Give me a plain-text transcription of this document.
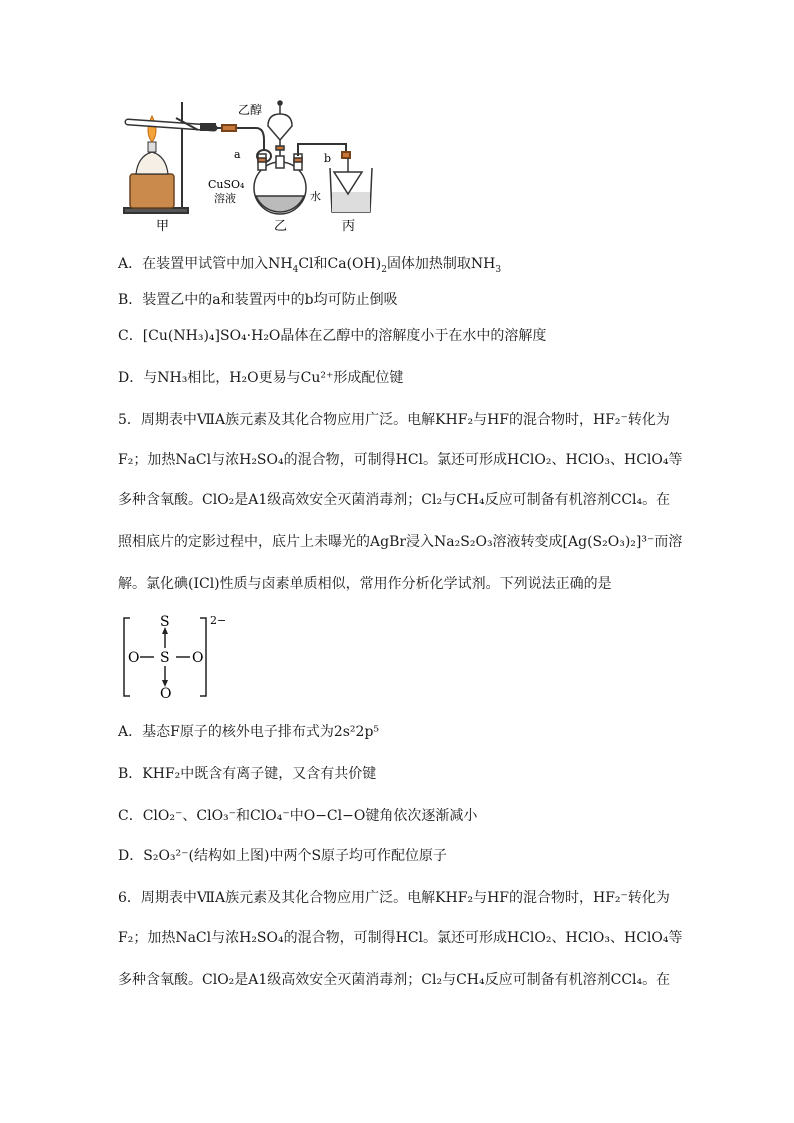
甲	乙	丙
乙醇
a	b
CuSO₄
溶液	水
A．在装置甲试管中加入$NH_4Cl$和$Ca(OH)_2$固体加热制取$NH_3$
B．装置乙中的a和装置丙中的b均可防止倒吸
C．[Cu(NH₃)₄]SO₄·H₂O晶体在乙醇中的溶解度小于在水中的溶解度
D．与NH₃相比，H₂O更易与Cu²⁺形成配位键
5．周期表中ⅦA族元素及其化合物应用广泛。电解KHF₂与HF的混合物时，HF₂⁻转化为
F₂；加热NaCl与浓H₂SO₄的混合物，可制得HCl。氯还可形成HClO₂、HClO₃、HClO₄等
多种含氧酸。ClO₂是A1级高效安全灭菌消毒剂；Cl₂与CH₄反应可制备有机溶剂CCl₄。在
照相底片的定影过程中，底片上未曝光的AgBr浸入Na₂S₂O₃溶液转变成[Ag(S₂O₃)₂]³⁻而溶
解。氯化碘(ICl)性质与卤素单质相似，常用作分析化学试剂。下列说法正确的是
S
S
O	O
O
2−
A．基态F原子的核外电子排布式为2s²2p⁵
B．KHF₂中既含有离子键，又含有共价键
C．ClO₂⁻、ClO₃⁻和ClO₄⁻中O−Cl−O键角依次逐渐减小
D．S₂O₃²⁻(结构如上图)中两个S原子均可作配位原子
6．周期表中ⅦA族元素及其化合物应用广泛。电解KHF₂与HF的混合物时，HF₂⁻转化为
F₂；加热NaCl与浓H₂SO₄的混合物，可制得HCl。氯还可形成HClO₂、HClO₃、HClO₄等
多种含氧酸。ClO₂是A1级高效安全灭菌消毒剂；Cl₂与CH₄反应可制备有机溶剂CCl₄。在
